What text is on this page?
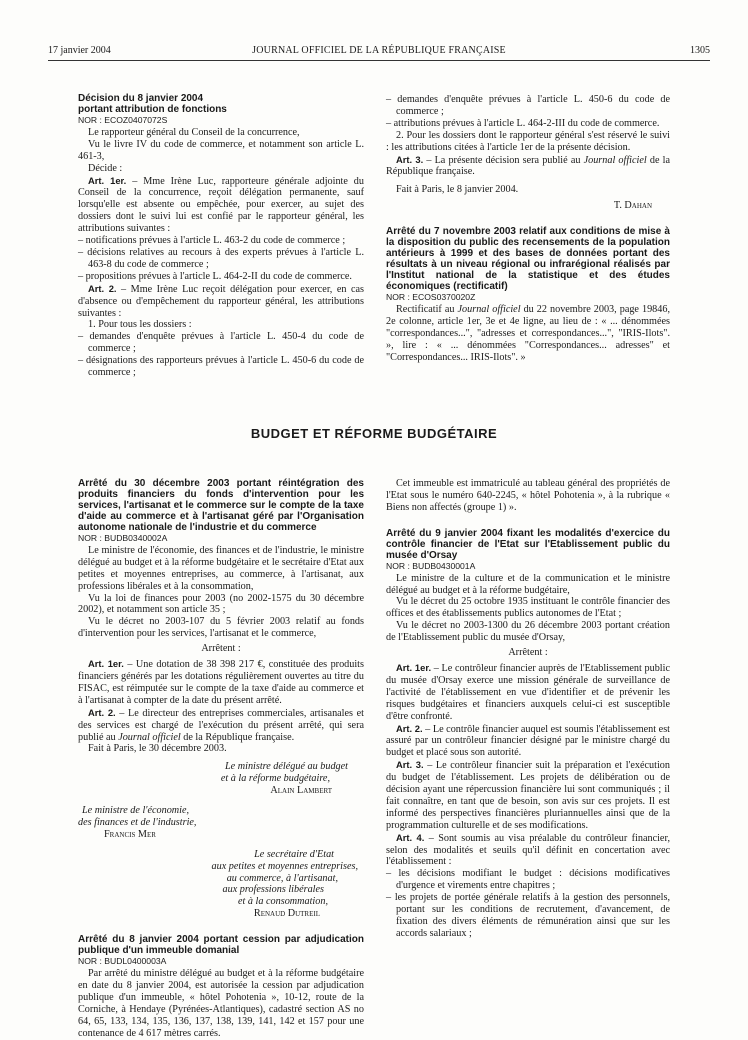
17 janvier 2004	JOURNAL OFFICIEL DE LA RÉPUBLIQUE FRANÇAISE	1305

Décision du 8 janvier 2004

portant attribution de fonctions

NOR : ECOZ0407072S

Le rapporteur général du Conseil de la concurrence,

Vu le livre IV du code de commerce, et notamment son article L. 461-3,

Décide :

Art. 1er. – Mme Irène Luc, rapporteure générale adjointe du Conseil de la concurrence, reçoit délégation permanente, sauf lorsqu'elle est absente ou empêchée, pour exercer, au sujet des dossiers dont le suivi lui est confié par le rapporteur général, les attributions suivantes :

– notifications prévues à l'article L. 463-2 du code de commerce ;

– décisions relatives au recours à des experts prévues à l'article L. 463-8 du code de commerce ;

– propositions prévues à l'article L. 464-2-II du code de commerce.

Art. 2. – Mme Irène Luc reçoit délégation pour exercer, en cas d'absence ou d'empêchement du rapporteur général, les attributions suivantes :

1. Pour tous les dossiers :

– demandes d'enquête prévues à l'article L. 450-4 du code de commerce ;

– désignations des rapporteurs prévues à l'article L. 450-6 du code de commerce ;

– demandes d'enquête prévues à l'article L. 450-6 du code de commerce ;

– attributions prévues à l'article L. 464-2-III du code de commerce.

2. Pour les dossiers dont le rapporteur général s'est réservé le suivi : les attributions citées à l'article 1er de la présente décision.

Art. 3. – La présente décision sera publié au Journal officiel de la République française.

Fait à Paris, le 8 janvier 2004.

T. Dahan

Arrêté du 7 novembre 2003 relatif aux conditions de mise à la disposition du public des recensements de la population antérieurs à 1999 et des bases de données portant des résultats à un niveau régional ou infrarégional réalisés par l'Institut national de la statistique et des études économiques (rectificatif)

NOR : ECOS0370020Z

Rectificatif au Journal officiel du 22 novembre 2003, page 19846, 2e colonne, article 1er, 3e et 4e ligne, au lieu de : « ... dénommées "correspondances...", "adresses et correspondances...", "IRIS-Ilots". », lire : « ... dénommées "Correspondances... adresses" et "Correspondances... IRIS-Ilots". »

BUDGET ET RÉFORME BUDGÉTAIRE

Arrêté du 30 décembre 2003 portant réintégration des produits financiers du fonds d'intervention pour les services, l'artisanat et le commerce sur le compte de la taxe d'aide au commerce et à l'artisanat géré par l'Organisation autonome nationale de l'industrie et du commerce

NOR : BUDB0340002A

Le ministre de l'économie, des finances et de l'industrie, le ministre délégué au budget et à la réforme budgétaire et le secrétaire d'Etat aux petites et moyennes entreprises, au commerce, à l'artisanat, aux professions libérales et à la consommation,

Vu la loi de finances pour 2003 (no 2002-1575 du 30 décembre 2002), et notamment son article 35 ;

Vu le décret no 2003-107 du 5 février 2003 relatif au fonds d'intervention pour les services, l'artisanat et le commerce,

Arrêtent :

Art. 1er. – Une dotation de 38 398 217 €, constituée des produits financiers générés par les dotations régulièrement ouvertes au titre du FISAC, est réimputée sur le compte de la taxe d'aide au commerce et à l'artisanat à compter de la date du présent arrêté.

Art. 2. – Le directeur des entreprises commerciales, artisanales et des services est chargé de l'exécution du présent arrêté, qui sera publié au Journal officiel de la République française.

Fait à Paris, le 30 décembre 2003.

Le ministre délégué au budget

et à la réforme budgétaire,

Alain Lambert

Le ministre de l'économie,

des finances et de l'industrie,

Francis Mer

Le secrétaire d'Etat

aux petites et moyennes entreprises,

au commerce, à l'artisanat,

aux professions libérales

et à la consommation,

Renaud Dutreil

Arrêté du 8 janvier 2004 portant cession par adjudication publique d'un immeuble domanial

NOR : BUDL0400003A

Par arrêté du ministre délégué au budget et à la réforme budgétaire en date du 8 janvier 2004, est autorisée la cession par adjudication publique d'un immeuble, « hôtel Pohotenia », 10-12, route de la Corniche, à Hendaye (Pyrénées-Atlantiques), cadastré section AS no 64, 65, 133, 134, 135, 136, 137, 138, 139, 141, 142 et 157 pour une contenance de 4 617 mètres carrés.

Cet immeuble est immatriculé au tableau général des propriétés de l'Etat sous le numéro 640-2245, « hôtel Pohotenia », à la rubrique « Biens non affectés (groupe 1) ».

Arrêté du 9 janvier 2004 fixant les modalités d'exercice du contrôle financier de l'Etat sur l'Etablissement public du musée d'Orsay

NOR : BUDB0430001A

Le ministre de la culture et de la communication et le ministre délégué au budget et à la réforme budgétaire,

Vu le décret du 25 octobre 1935 instituant le contrôle financier des offices et des établissements publics autonomes de l'Etat ;

Vu le décret no 2003-1300 du 26 décembre 2003 portant création de l'Etablissement public du musée d'Orsay,

Arrêtent :

Art. 1er. – Le contrôleur financier auprès de l'Etablissement public du musée d'Orsay exerce une mission générale de surveillance de l'activité de l'établissement en vue d'identifier et de prévenir les risques budgétaires et financiers auxquels celui-ci est susceptible d'être confronté.

Art. 2. – Le contrôle financier auquel est soumis l'établissement est assuré par un contrôleur financier désigné par le ministre chargé du budget et placé sous son autorité.

Art. 3. – Le contrôleur financier suit la préparation et l'exécution du budget de l'établissement. Les projets de délibération ou de décision ayant une répercussion financière lui sont communiqués ; il fait connaître, en tant que de besoin, son avis sur ces projets. Il est informé des perspectives financières pluriannuelles ainsi que de la programmation culturelle et de ses modifications.

Art. 4. – Sont soumis au visa préalable du contrôleur financier, selon des modalités et seuils qu'il définit en concertation avec l'établissement :

– les décisions modifiant le budget : décisions modificatives d'urgence et virements entre chapitres ;

– les projets de portée générale relatifs à la gestion des personnels, portant sur les conditions de recrutement, d'avancement, de fixation des divers éléments de rémunération ainsi que sur les accords salariaux ;
